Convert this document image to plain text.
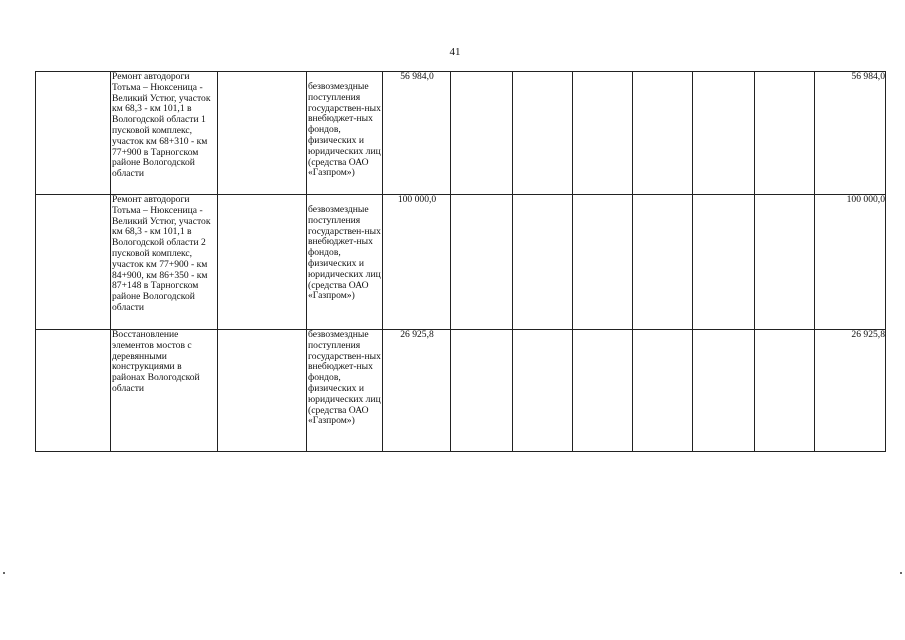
41
	Ремонт автодороги Тотьма – Нюксеница - Великий Устюг, участок км 68,3 - км 101,1 в Вологодской области 1 пусковой комплекс, участок км 68+310 - км 77+900 в Тарногском районе Вологодской области		безвозмездные поступления государствен-ных внебюджет-ных фондов, физических и юридических лиц (средства ОАО «Газпром»)	56 984,0							56 984,0
	Ремонт автодороги Тотьма – Нюксеница - Великий Устюг, участок км 68,3 - км 101,1 в Вологодской области 2 пусковой комплекс, участок км 77+900 - км 84+900, км 86+350 - км 87+148 в Тарногском районе Вологодской области		безвозмездные поступления государствен-ных внебюджет-ных фондов, физических и юридических лиц (средства ОАО «Газпром»)	100 000,0							100 000,0
	Восстановление элементов мостов с деревянными конструкциями в районах Вологодской области		безвозмездные поступления государствен-ных внебюджет-ных фондов, физических и юридических лиц (средства ОАО «Газпром»)	26 925,8							26 925,8
